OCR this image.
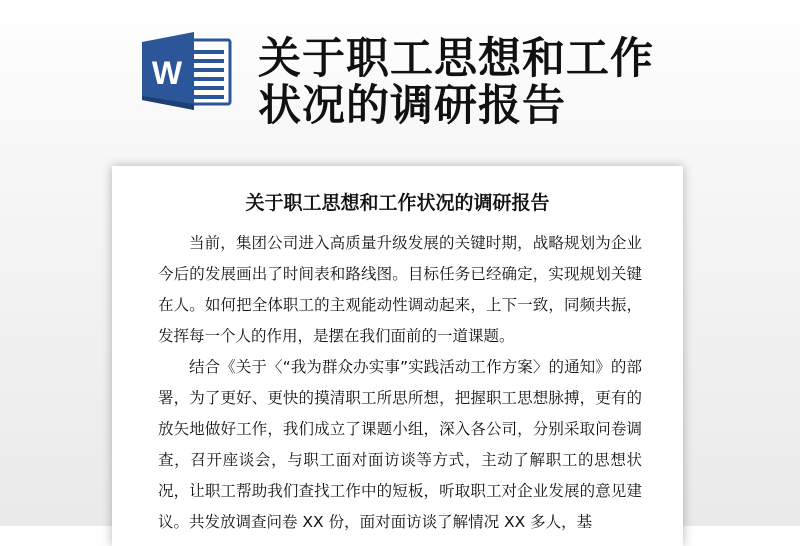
W 关于职工思想和工作状况的调研报告
关于职工思想和工作状况的调研报告

当前，集团公司进入高质量升级发展的关键时期，战略规划为企业今后的发展画出了时间表和路线图。目标任务已经确定，实现规划关键在人。如何把全体职工的主观能动性调动起来，上下一致，同频共振，发挥每一个人的作用，是摆在我们面前的一道课题。

结合《关于〈“我为群众办实事”实践活动工作方案〉的通知》的部署，为了更好、更快的摸清职工所思所想，把握职工思想脉搏，更有的放矢地做好工作，我们成立了课题小组，深入各公司，分别采取问卷调查，召开座谈会，与职工面对面访谈等方式，主动了解职工的思想状况，让职工帮助我们查找工作中的短板，听取职工对企业发展的意见建议。共发放调查问卷 XX 份，面对面访谈了解情况 XX 多人，基
